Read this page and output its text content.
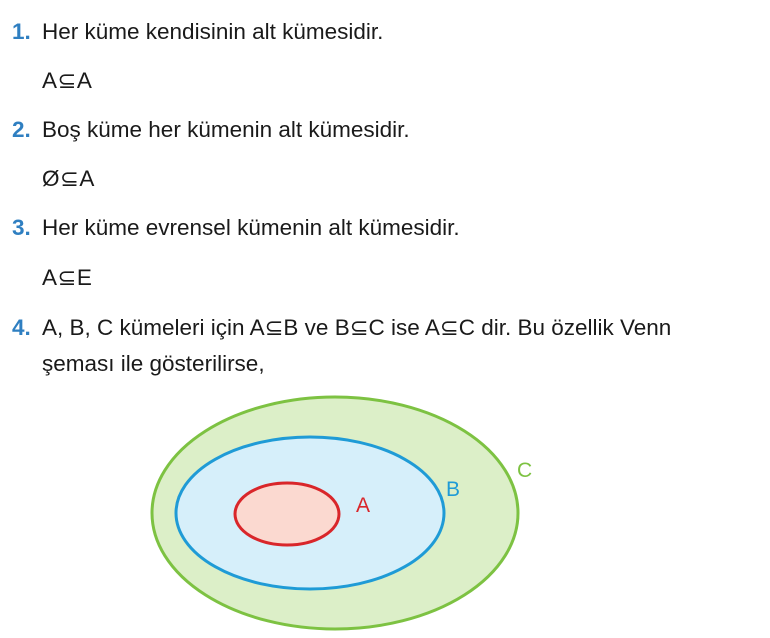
1. Her küme kendisinin alt kümesidir.
A⊆A
2. Boş küme her kümenin alt kümesidir.
Ø⊆A
3. Her küme evrensel kümenin alt kümesidir.
A⊆E
4. A, B, C kümeleri için A⊆B ve B⊆C ise A⊆C dir. Bu özellik Venn
şeması ile gösterilirse,
A
B
C
